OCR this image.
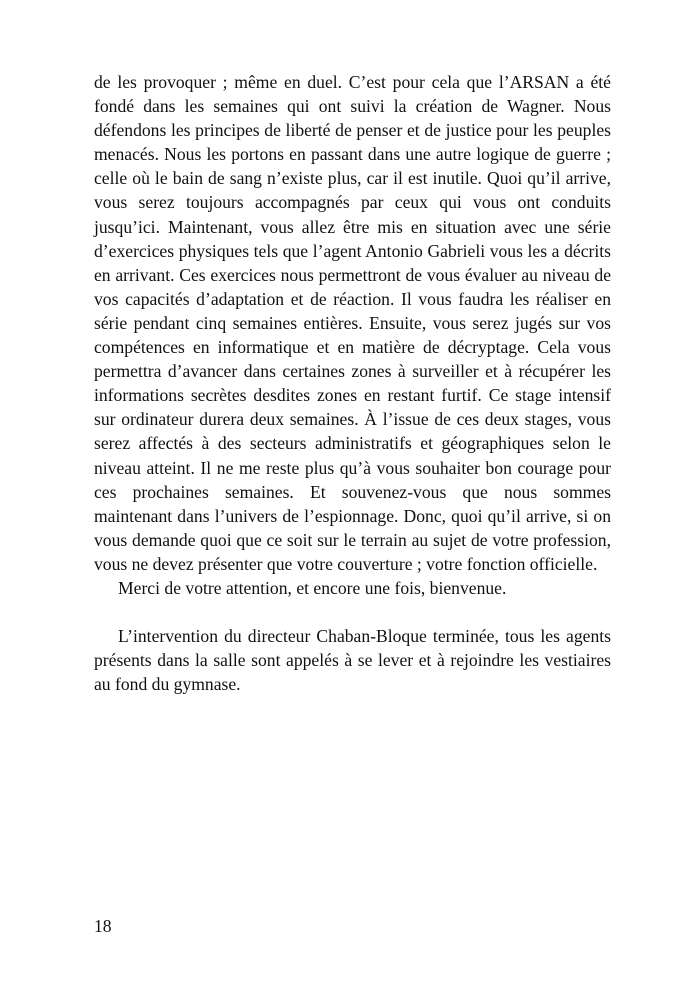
de les provoquer ; même en duel. C’est pour cela que l’ARSAN a été fondé dans les semaines qui ont suivi la création de Wagner. Nous défendons les principes de liberté de penser et de justice pour les peuples menacés. Nous les portons en passant dans une autre logique de guerre ; celle où le bain de sang n’existe plus, car il est inutile. Quoi qu’il arrive, vous serez toujours accompagnés par ceux qui vous ont conduits jusqu’ici. Maintenant, vous allez être mis en situation avec une série d’exercices physiques tels que l’agent Antonio Gabrieli vous les a décrits en arrivant. Ces exercices nous permettront de vous évaluer au niveau de vos capacités d’adaptation et de réaction. Il vous faudra les réaliser en série pendant cinq semaines entières. Ensuite, vous serez jugés sur vos compétences en informatique et en matière de décryptage. Cela vous permettra d’avancer dans certaines zones à surveiller et à récupérer les informations secrètes desdites zones en restant furtif. Ce stage intensif sur ordinateur durera deux semaines. À l’issue de ces deux stages, vous serez affectés à des secteurs administratifs et géographiques selon le niveau atteint. Il ne me reste plus qu’à vous souhaiter bon courage pour ces prochaines semaines. Et souvenez-vous que nous sommes maintenant dans l’univers de l’espionnage. Donc, quoi qu’il arrive, si on vous demande quoi que ce soit sur le terrain au sujet de votre profession, vous ne devez présenter que votre couverture ; votre fonction officielle.

Merci de votre attention, et encore une fois, bienvenue.

L’intervention du directeur Chaban-Bloque terminée, tous les agents présents dans la salle sont appelés à se lever et à rejoindre les vestiaires au fond du gymnase.

18
